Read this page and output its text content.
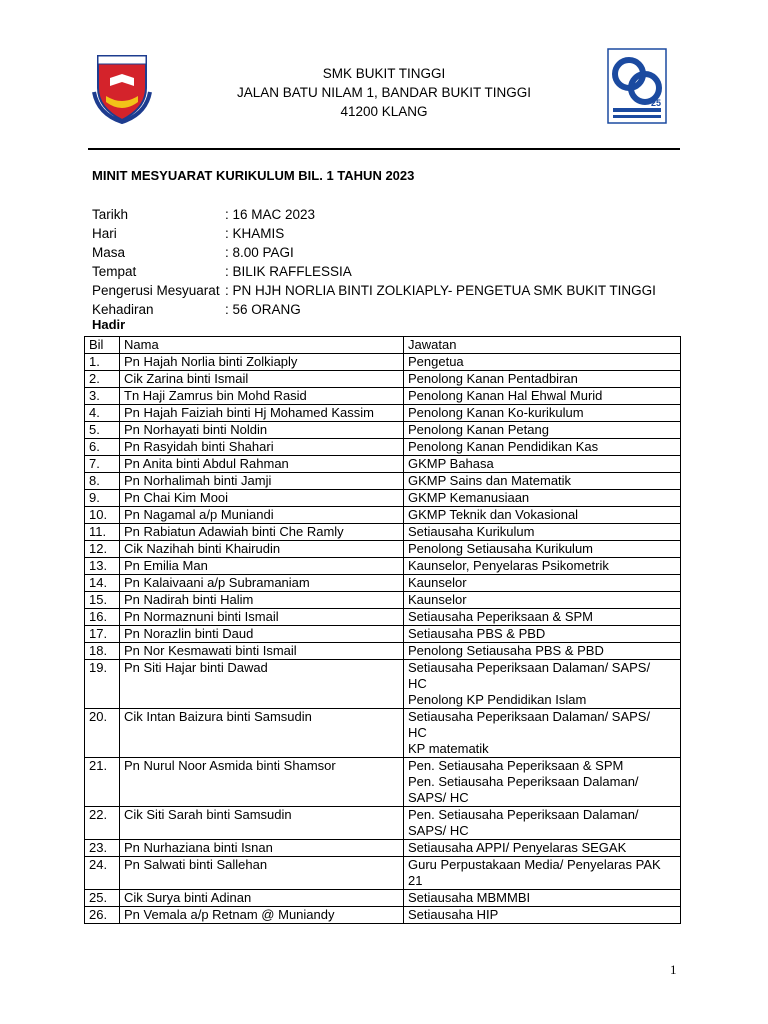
25
SMK BUKIT TINGGI
JALAN BATU NILAM 1, BANDAR BUKIT TINGGI
41200 KLANG
MINIT MESYUARAT KURIKULUM BIL. 1 TAHUN 2023
Tarikh	: 16 MAC 2023
Hari	: KHAMIS
Masa	: 8.00 PAGI
Tempat	: BILIK RAFFLESSIA
Pengerusi Mesyuarat : PN HJH NORLIA BINTI ZOLKIAPLY- PENGETUA SMK BUKIT TINGGI
Kehadiran	: 56 ORANG
Hadir
Bil	Nama	Jawatan
1.	Pn Hajah Norlia binti Zolkiaply	Pengetua

2.	Cik Zarina binti Ismail	Penolong Kanan Pentadbiran

3.	Tn Haji Zamrus bin Mohd Rasid	Penolong Kanan Hal Ehwal Murid

4.	Pn Hajah Faiziah binti Hj Mohamed Kassim	Penolong Kanan Ko-kurikulum

5.	Pn Norhayati binti Noldin	Penolong Kanan Petang

6.	Pn Rasyidah binti Shahari	Penolong Kanan Pendidikan Kas

7.	Pn Anita binti Abdul Rahman	GKMP Bahasa

8.	Pn Norhalimah binti Jamji	GKMP Sains dan Matematik

9.	Pn Chai Kim Mooi	GKMP Kemanusiaan

10.	Pn Nagamal a/p Muniandi	GKMP Teknik dan Vokasional

11.	Pn Rabiatun Adawiah binti Che Ramly	Setiausaha Kurikulum

12.	Cik Nazihah binti Khairudin	Penolong Setiausaha Kurikulum

13.	Pn Emilia Man	Kaunselor, Penyelaras Psikometrik

14.	Pn Kalaivaani a/p Subramaniam	Kaunselor

15.	Pn Nadirah binti Halim	Kaunselor

16.	Pn Normaznuni binti Ismail	Setiausaha Peperiksaan & SPM

17.	Pn Norazlin binti Daud	Setiausaha PBS & PBD

18.	Pn Nor Kesmawati binti Ismail	Penolong Setiausaha PBS & PBD

19.	Pn Siti Hajar binti Dawad	Setiausaha Peperiksaan Dalaman/ SAPS/
HC
Penolong KP Pendidikan Islam

20.	Cik Intan Baizura binti Samsudin	Setiausaha Peperiksaan Dalaman/ SAPS/
HC
KP matematik

21.	Pn Nurul Noor Asmida binti Shamsor	Pen. Setiausaha Peperiksaan & SPM
Pen. Setiausaha Peperiksaan Dalaman/
SAPS/ HC

22.	Cik Siti Sarah binti Samsudin	Pen. Setiausaha Peperiksaan Dalaman/
SAPS/ HC

23.	Pn Nurhaziana binti Isnan	Setiausaha APPI/ Penyelaras SEGAK

24.	Pn Salwati binti Sallehan	Guru Perpustakaan Media/ Penyelaras PAK
21

25.	Cik Surya binti Adinan	Setiausaha MBMMBI

26.	Pn Vemala a/p Retnam @ Muniandy	Setiausaha HIP
1
